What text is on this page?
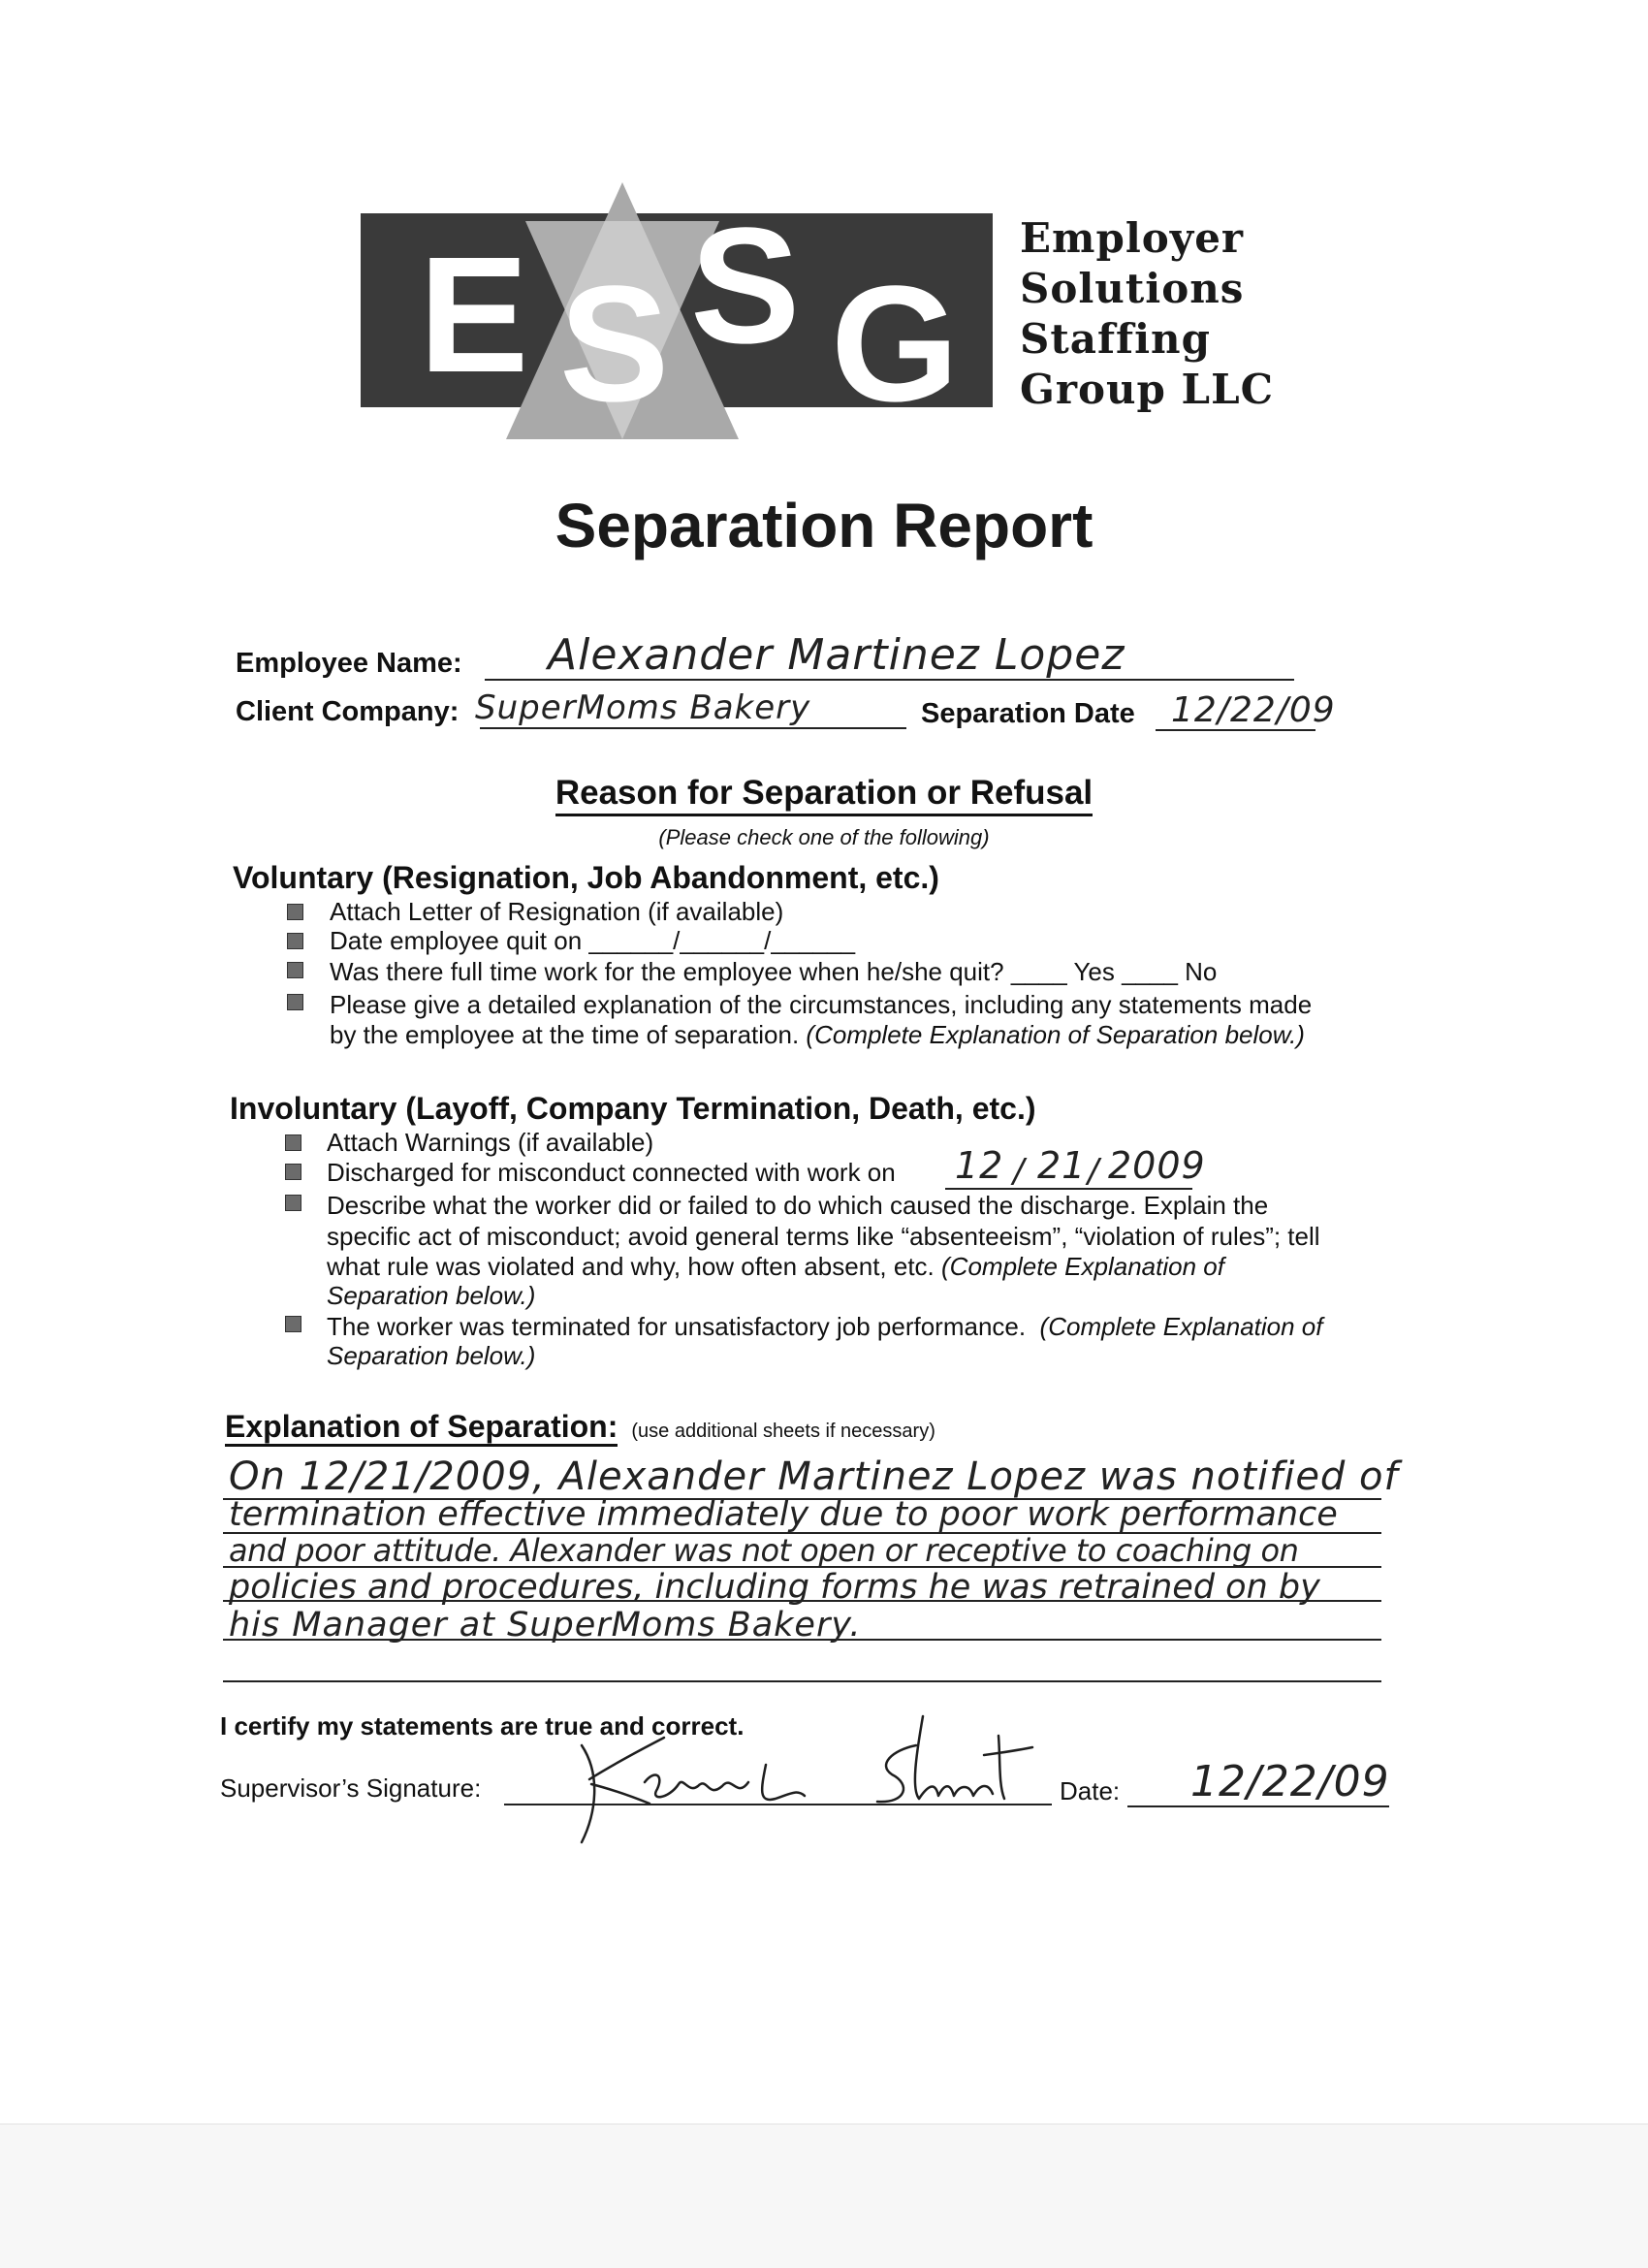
E S S G
Employer
Solutions
Staffing
Group LLC
Separation Report
Employee Name: Alexander Martinez Lopez
Client Company: SuperMoms Bakery	Separation Date 12/22/09
Reason for Separation or Refusal
(Please check one of the following)
Voluntary (Resignation, Job Abandonment, etc.)
Attach Letter of Resignation (if available)
Date employee quit on ______/______/______
Was there full time work for the employee when he/she quit? ____ Yes ____ No
Please give a detailed explanation of the circumstances, including any statements made
by the employee at the time of separation. (Complete Explanation of Separation below.)
Involuntary (Layoff, Company Termination, Death, etc.)
Attach Warnings (if available)
Discharged for misconduct connected with work on 12 / 21 / 2009
Describe what the worker did or failed to do which caused the discharge. Explain the
specific act of misconduct; avoid general terms like “absenteeism”, “violation of rules”; tell
what rule was violated and why, how often absent, etc. (Complete Explanation of
Separation below.)
The worker was terminated for unsatisfactory job performance. (Complete Explanation of
Separation below.)
Explanation of Separation: (use additional sheets if necessary)
On 12/21/2009, Alexander Martinez Lopez was notified of
termination effective immediately due to poor work performance
and poor attitude. Alexander was not open or receptive to coaching on
policies and procedures, including forms he was retrained on by
his Manager at SuperMoms Bakery.
I certify my statements are true and correct.
Supervisor’s Signature:	Date: 12/22/09
